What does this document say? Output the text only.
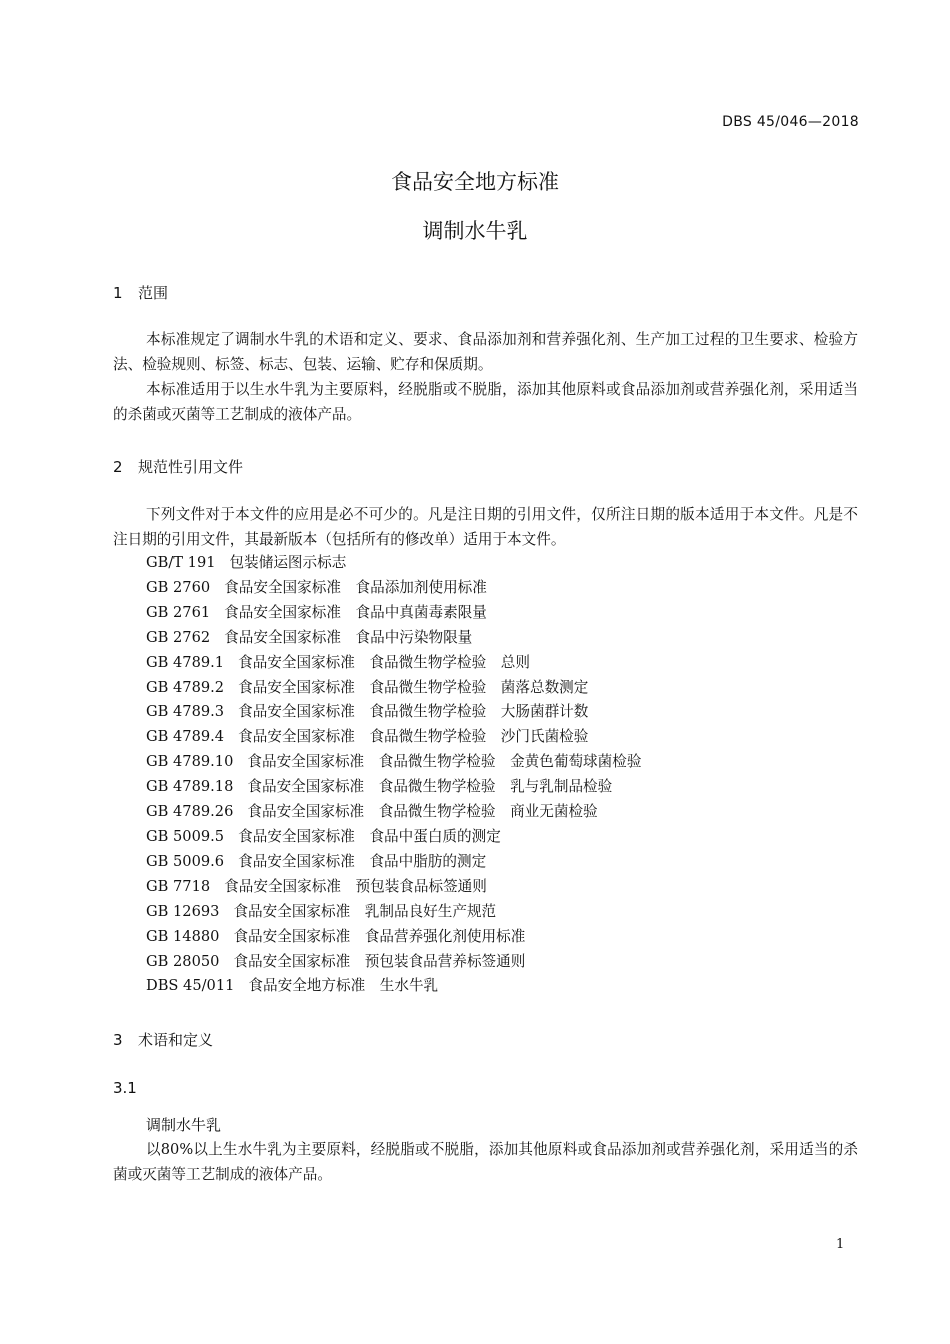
DBS 45/046—2018
食品安全地方标准
调制水牛乳
1 范围

本标准规定了调制水牛乳的术语和定义、要求、食品添加剂和营养强化剂、生产加工过程的卫生要求、检验方法、检验规则、标签、标志、包装、运输、贮存和保质期。

本标准适用于以生水牛乳为主要原料，经脱脂或不脱脂，添加其他原料或食品添加剂或营养强化剂，采用适当的杀菌或灭菌等工艺制成的液体产品。

2 规范性引用文件

下列文件对于本文件的应用是必不可少的。凡是注日期的引用文件，仅所注日期的版本适用于本文件。凡是不注日期的引用文件，其最新版本（包括所有的修改单）适用于本文件。

GB/T 191 包装储运图示标志
GB 2760 食品安全国家标准　食品添加剂使用标准
GB 2761 食品安全国家标准　食品中真菌毒素限量
GB 2762 食品安全国家标准　食品中污染物限量
GB 4789.1 食品安全国家标准　食品微生物学检验　总则
GB 4789.2 食品安全国家标准　食品微生物学检验　菌落总数测定
GB 4789.3 食品安全国家标准　食品微生物学检验　大肠菌群计数
GB 4789.4 食品安全国家标准　食品微生物学检验　沙门氏菌检验
GB 4789.10 食品安全国家标准　食品微生物学检验　金黄色葡萄球菌检验
GB 4789.18 食品安全国家标准　食品微生物学检验　乳与乳制品检验
GB 4789.26 食品安全国家标准　食品微生物学检验　商业无菌检验
GB 5009.5 食品安全国家标准　食品中蛋白质的测定
GB 5009.6 食品安全国家标准　食品中脂肪的测定
GB 7718 食品安全国家标准　预包装食品标签通则
GB 12693 食品安全国家标准　乳制品良好生产规范
GB 14880 食品安全国家标准　食品营养强化剂使用标准
GB 28050 食品安全国家标准　预包装食品营养标签通则
DBS 45/011 食品安全地方标准　生水牛乳
3 术语和定义
3.1
调制水牛乳

以80%以上生水牛乳为主要原料，经脱脂或不脱脂，添加其他原料或食品添加剂或营养强化剂，采用适当的杀菌或灭菌等工艺制成的液体产品。

1
